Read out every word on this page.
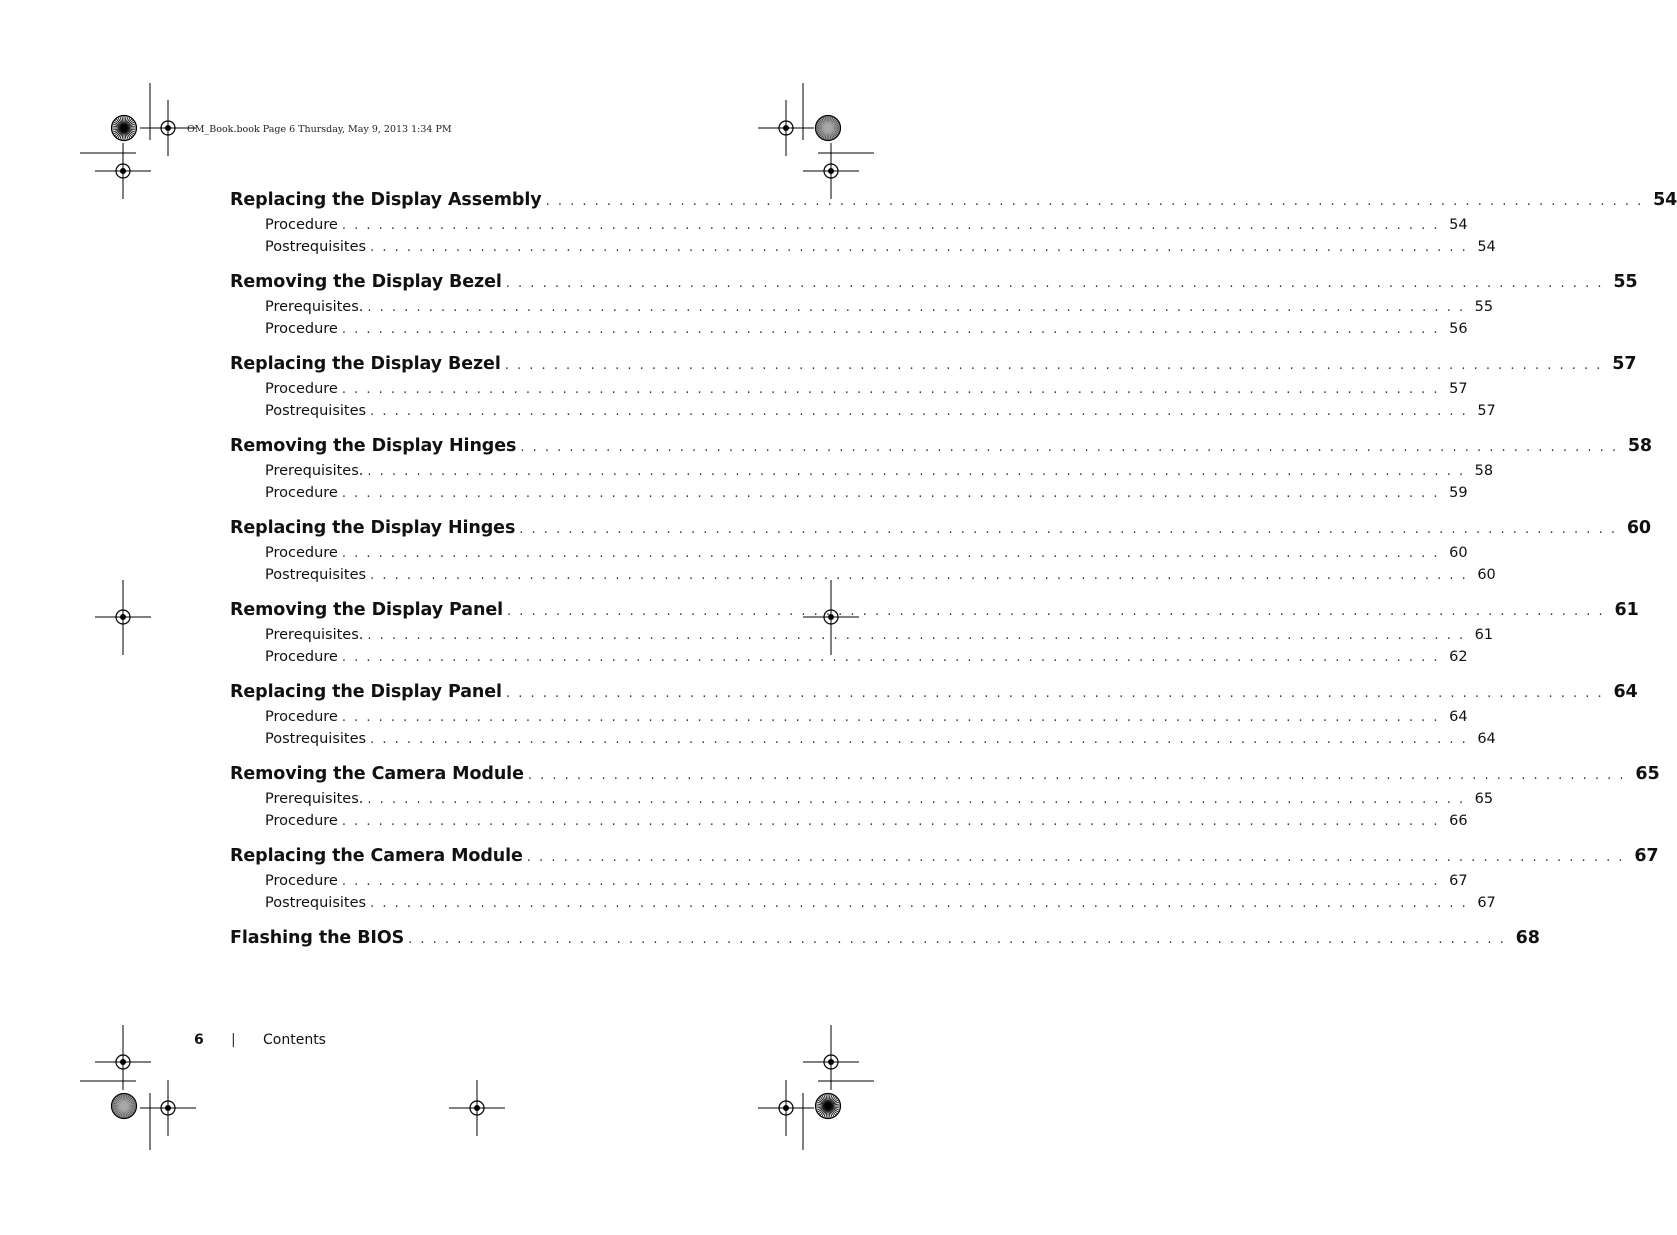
OM_Book.book Page 6 Thursday, May 9, 2013 1:34 PM
Replacing the Display Assembly . . . . . . . . . . . . . . . . . . . . . . . . . . . . . . . . . . . . . . . . . . . . . . . . . . . . . . . . . . . . . . . . . . . . . . . . . . . . . . . . . . . . . . . . . . 54
Procedure . . . . . . . . . . . . . . . . . . . . . . . . . . . . . . . . . . . . . . . . . . . . . . . . . . . . . . . . . . . . . . . . . . . . . . . . . . . . . . . . . . . . . . . . . . 54
Postrequisites . . . . . . . . . . . . . . . . . . . . . . . . . . . . . . . . . . . . . . . . . . . . . . . . . . . . . . . . . . . . . . . . . . . . . . . . . . . . . . . . . . . . . . . . . . 54
Removing the Display Bezel . . . . . . . . . . . . . . . . . . . . . . . . . . . . . . . . . . . . . . . . . . . . . . . . . . . . . . . . . . . . . . . . . . . . . . . . . . . . . . . . . . . . . . . . . . 55
Prerequisites. . . . . . . . . . . . . . . . . . . . . . . . . . . . . . . . . . . . . . . . . . . . . . . . . . . . . . . . . . . . . . . . . . . . . . . . . . . . . . . . . . . . . . . . . . . 55
Procedure . . . . . . . . . . . . . . . . . . . . . . . . . . . . . . . . . . . . . . . . . . . . . . . . . . . . . . . . . . . . . . . . . . . . . . . . . . . . . . . . . . . . . . . . . . 56
Replacing the Display Bezel . . . . . . . . . . . . . . . . . . . . . . . . . . . . . . . . . . . . . . . . . . . . . . . . . . . . . . . . . . . . . . . . . . . . . . . . . . . . . . . . . . . . . . . . . . 57
Procedure . . . . . . . . . . . . . . . . . . . . . . . . . . . . . . . . . . . . . . . . . . . . . . . . . . . . . . . . . . . . . . . . . . . . . . . . . . . . . . . . . . . . . . . . . . 57
Postrequisites . . . . . . . . . . . . . . . . . . . . . . . . . . . . . . . . . . . . . . . . . . . . . . . . . . . . . . . . . . . . . . . . . . . . . . . . . . . . . . . . . . . . . . . . . . 57
Removing the Display Hinges . . . . . . . . . . . . . . . . . . . . . . . . . . . . . . . . . . . . . . . . . . . . . . . . . . . . . . . . . . . . . . . . . . . . . . . . . . . . . . . . . . . . . . . . . . 58
Prerequisites. . . . . . . . . . . . . . . . . . . . . . . . . . . . . . . . . . . . . . . . . . . . . . . . . . . . . . . . . . . . . . . . . . . . . . . . . . . . . . . . . . . . . . . . . . . 58
Procedure . . . . . . . . . . . . . . . . . . . . . . . . . . . . . . . . . . . . . . . . . . . . . . . . . . . . . . . . . . . . . . . . . . . . . . . . . . . . . . . . . . . . . . . . . . 59
Replacing the Display Hinges . . . . . . . . . . . . . . . . . . . . . . . . . . . . . . . . . . . . . . . . . . . . . . . . . . . . . . . . . . . . . . . . . . . . . . . . . . . . . . . . . . . . . . . . . . 60
Procedure . . . . . . . . . . . . . . . . . . . . . . . . . . . . . . . . . . . . . . . . . . . . . . . . . . . . . . . . . . . . . . . . . . . . . . . . . . . . . . . . . . . . . . . . . . 60
Postrequisites . . . . . . . . . . . . . . . . . . . . . . . . . . . . . . . . . . . . . . . . . . . . . . . . . . . . . . . . . . . . . . . . . . . . . . . . . . . . . . . . . . . . . . . . . . 60
Removing the Display Panel . . . . . . . . . . . . . . . . . . . . . . . . . . . . . . . . . . . . . . . . . . . . . . . . . . . . . . . . . . . . . . . . . . . . . . . . . . . . . . . . . . . . . . . . . . 61
Prerequisites. . . . . . . . . . . . . . . . . . . . . . . . . . . . . . . . . . . . . . . . . . . . . . . . . . . . . . . . . . . . . . . . . . . . . . . . . . . . . . . . . . . . . . . . . . . 61
Procedure . . . . . . . . . . . . . . . . . . . . . . . . . . . . . . . . . . . . . . . . . . . . . . . . . . . . . . . . . . . . . . . . . . . . . . . . . . . . . . . . . . . . . . . . . . 62
Replacing the Display Panel . . . . . . . . . . . . . . . . . . . . . . . . . . . . . . . . . . . . . . . . . . . . . . . . . . . . . . . . . . . . . . . . . . . . . . . . . . . . . . . . . . . . . . . . . . 64
Procedure . . . . . . . . . . . . . . . . . . . . . . . . . . . . . . . . . . . . . . . . . . . . . . . . . . . . . . . . . . . . . . . . . . . . . . . . . . . . . . . . . . . . . . . . . . 64
Postrequisites . . . . . . . . . . . . . . . . . . . . . . . . . . . . . . . . . . . . . . . . . . . . . . . . . . . . . . . . . . . . . . . . . . . . . . . . . . . . . . . . . . . . . . . . . . 64
Removing the Camera Module . . . . . . . . . . . . . . . . . . . . . . . . . . . . . . . . . . . . . . . . . . . . . . . . . . . . . . . . . . . . . . . . . . . . . . . . . . . . . . . . . . . . . . . . . . 65
Prerequisites. . . . . . . . . . . . . . . . . . . . . . . . . . . . . . . . . . . . . . . . . . . . . . . . . . . . . . . . . . . . . . . . . . . . . . . . . . . . . . . . . . . . . . . . . . . 65
Procedure . . . . . . . . . . . . . . . . . . . . . . . . . . . . . . . . . . . . . . . . . . . . . . . . . . . . . . . . . . . . . . . . . . . . . . . . . . . . . . . . . . . . . . . . . . 66
Replacing the Camera Module . . . . . . . . . . . . . . . . . . . . . . . . . . . . . . . . . . . . . . . . . . . . . . . . . . . . . . . . . . . . . . . . . . . . . . . . . . . . . . . . . . . . . . . . . . 67
Procedure . . . . . . . . . . . . . . . . . . . . . . . . . . . . . . . . . . . . . . . . . . . . . . . . . . . . . . . . . . . . . . . . . . . . . . . . . . . . . . . . . . . . . . . . . . 67
Postrequisites . . . . . . . . . . . . . . . . . . . . . . . . . . . . . . . . . . . . . . . . . . . . . . . . . . . . . . . . . . . . . . . . . . . . . . . . . . . . . . . . . . . . . . . . . . 67
Flashing the BIOS . . . . . . . . . . . . . . . . . . . . . . . . . . . . . . . . . . . . . . . . . . . . . . . . . . . . . . . . . . . . . . . . . . . . . . . . . . . . . . . . . . . . . . . . . . 68
6 | Contents
